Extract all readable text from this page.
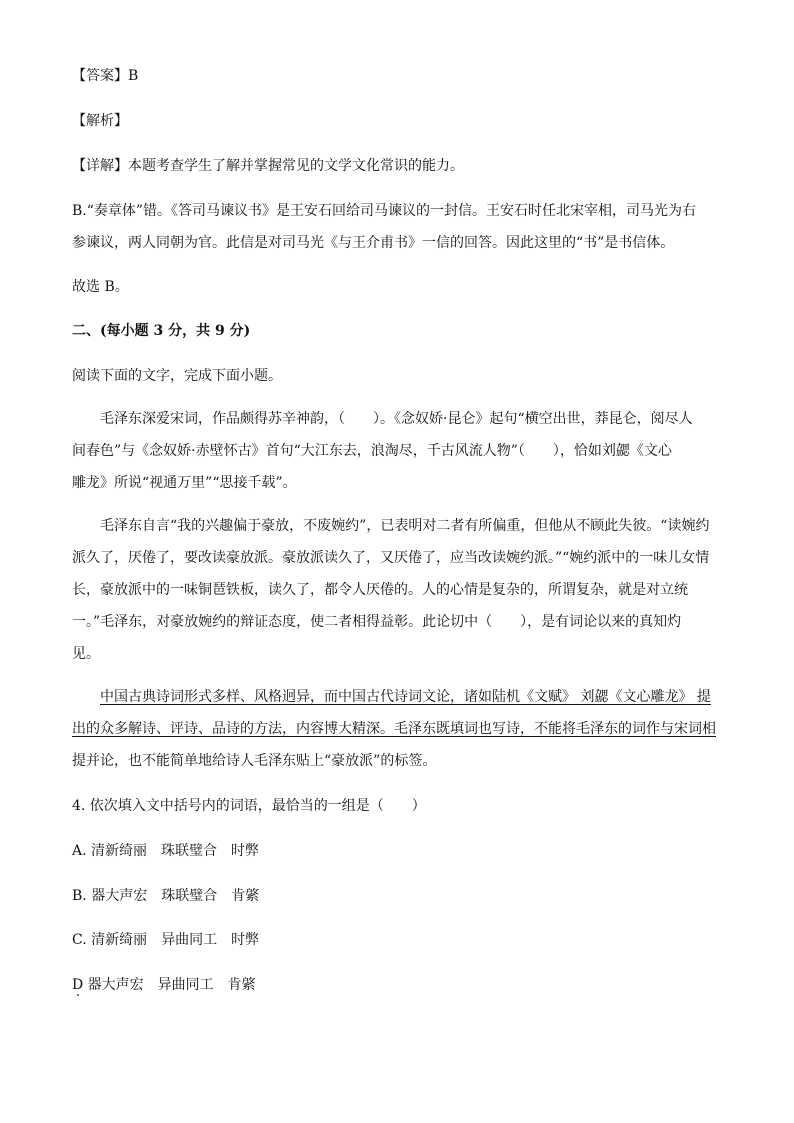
【答案】B
【解析】
【详解】本题考查学生了解并掌握常见的文学文化常识的能力。
B.“奏章体”错。《答司马谏议书》是王安石回给司马谏议的一封信。王安石时任北宋宰相，司马光为右
参谏议，两人同朝为官。此信是对司马光《与王介甫书》一信的回答。因此这里的“书”是书信体。
故选 B。
二、(每小题 3 分，共 9 分)
阅读下面的文字，完成下面小题。
毛泽东深爱宋词，作品颇得苏辛神韵，（　　）。《念奴娇·昆仑》起句“横空出世，莽昆仑，阅尽人
间春色”与《念奴娇·赤壁怀古》首句“大江东去，浪淘尽，千古风流人物”（　　），恰如刘勰《文心
雕龙》所说“视通万里”“思接千载”。
毛泽东自言“我的兴趣偏于豪放，不废婉约”，已表明对二者有所偏重，但他从不顾此失彼。“读婉约
派久了，厌倦了，要改读豪放派。豪放派读久了，又厌倦了，应当改读婉约派。”“婉约派中的一味儿女情
长，豪放派中的一味铜琶铁板，读久了，都令人厌倦的。人的心情是复杂的，所谓复杂，就是对立统
一。”毛泽东，对豪放婉约的辩证态度，使二者相得益彰。此论切中（　　），是有词论以来的真知灼
见。
中国古典诗词形式多样、风格迥异，而中国古代诗词文论，诸如陆机《文赋》 刘勰《文心雕龙》 提
出的众多解诗、评诗、品诗的方法，内容博大精深。毛泽东既填词也写诗，不能将毛泽东的词作与宋词相
提并论，也不能简单地给诗人毛泽东贴上“豪放派”的标签。
4. 依次填入文中括号内的词语，最恰当的一组是（　　）
A. 清新绮丽　珠联璧合　时弊
B. 器大声宏　珠联璧合　肯綮
C. 清新绮丽　异曲同工　时弊
D 器大声宏　异曲同工　肯綮
